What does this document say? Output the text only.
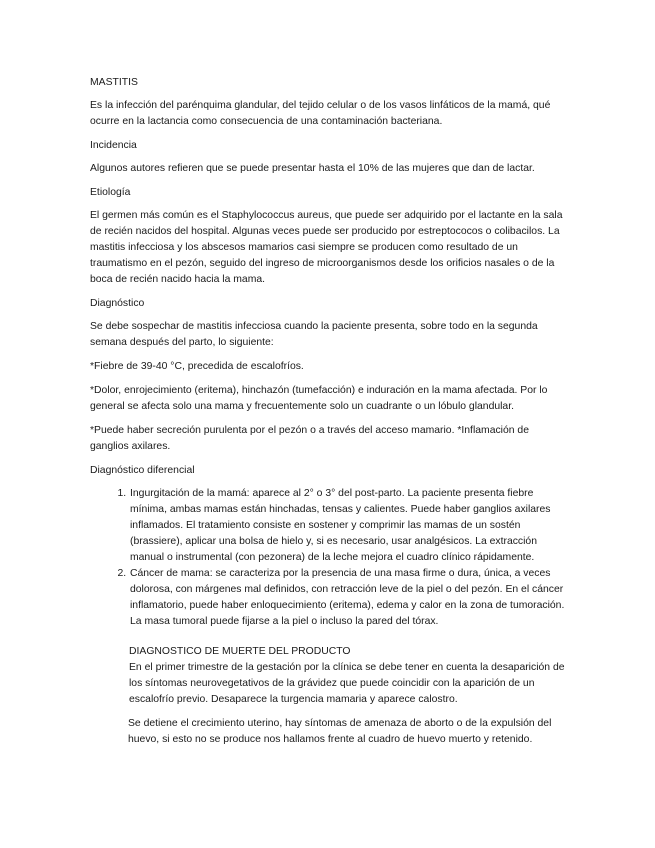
MASTITIS

Es la infección del parénquima glandular, del tejido celular o de los vasos linfáticos de la mamá, qué ocurre en la lactancia como consecuencia de una contaminación bacteriana.

Incidencia

Algunos autores refieren que se puede presentar hasta el 10% de las mujeres que dan de lactar.

Etiología

El germen más común es el Staphylococcus aureus, que puede ser adquirido por el lactante en la sala de recién nacidos del hospital. Algunas veces puede ser producido por estreptococos o colibacilos. La mastitis infecciosa y los abscesos mamarios casi siempre se producen como resultado de un traumatismo en el pezón, seguido del ingreso de microorganismos desde los orificios nasales o de la boca de recién nacido hacia la mama.

Diagnóstico

Se debe sospechar de mastitis infecciosa cuando la paciente presenta, sobre todo en la segunda semana después del parto, lo siguiente:

*Fiebre de 39-40 °C, precedida de escalofríos.

*Dolor, enrojecimiento (eritema), hinchazón (tumefacción) e induración en la mama afectada. Por lo general se afecta solo una mama y frecuentemente solo un cuadrante o un lóbulo glandular.

*Puede haber secreción purulenta por el pezón o a través del acceso mamario. *Inflamación de ganglios axilares.

Diagnóstico diferencial

1. Ingurgitación de la mamá: aparece al 2° o 3° del post-parto. La paciente presenta fiebre mínima, ambas mamas están hinchadas, tensas y calientes. Puede haber ganglios axilares inflamados. El tratamiento consiste en sostener y comprimir las mamas de un sostén (brassiere), aplicar una bolsa de hielo y, si es necesario, usar analgésicos. La extracción manual o instrumental (con pezonera) de la leche mejora el cuadro clínico rápidamente.
2. Cáncer de mama: se caracteriza por la presencia de una masa firme o dura, única, a veces dolorosa, con márgenes mal definidos, con retracción leve de la piel o del pezón. En el cáncer inflamatorio, puede haber enloquecimiento (eritema), edema y calor en la zona de tumoración. La masa tumoral puede fijarse a la piel o incluso la pared del tórax.

DIAGNOSTICO DE MUERTE DEL PRODUCTO

En el primer trimestre de la gestación por la clínica se debe tener en cuenta la desaparición de los síntomas neurovegetativos de la grávidez que puede coincidir con la aparición de un escalofrío previo. Desaparece la turgencia mamaria y aparece calostro.

Se detiene el crecimiento uterino, hay síntomas de amenaza de aborto o de la expulsión del huevo, si esto no se produce nos hallamos frente al cuadro de huevo muerto y retenido.
